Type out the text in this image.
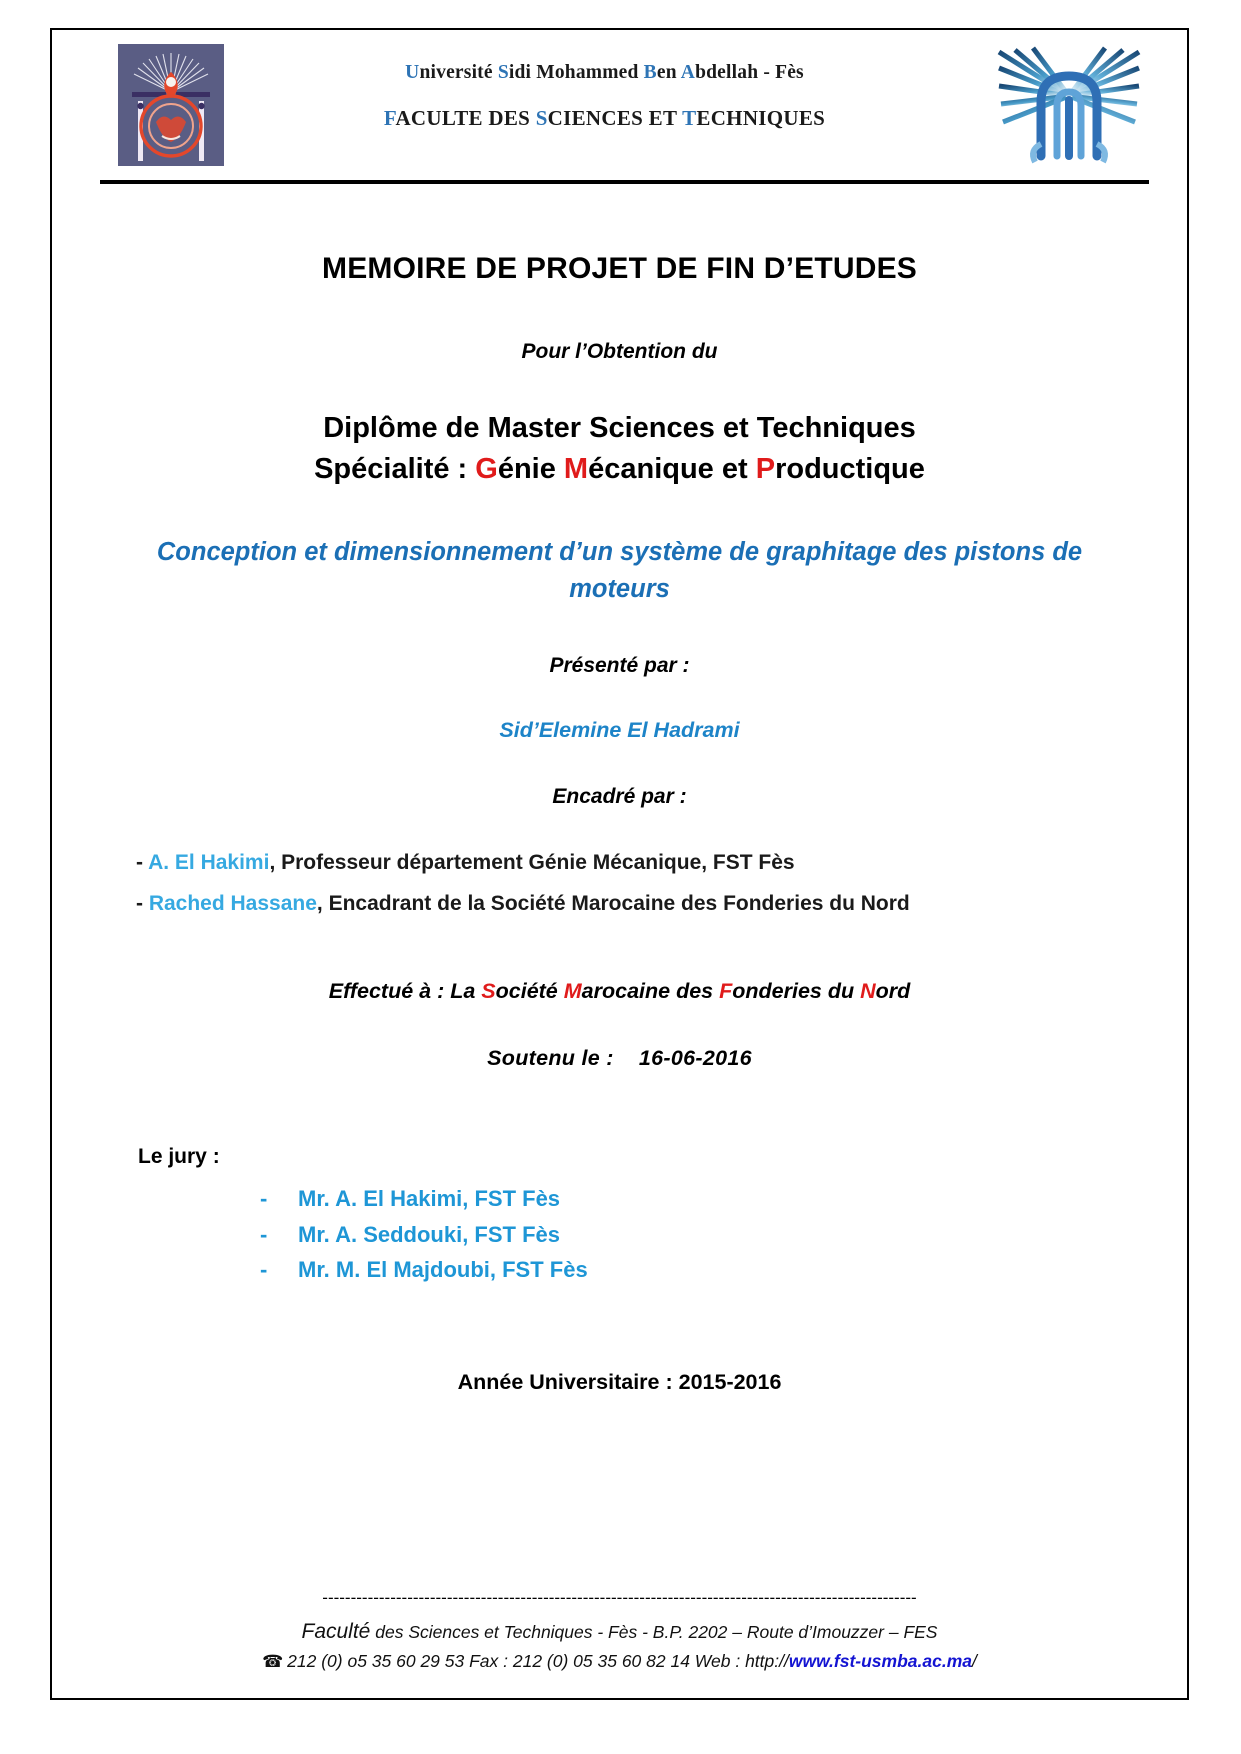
Université Sidi Mohammed Ben Abdellah - Fès
FACULTE DES SCIENCES ET TECHNIQUES
MEMOIRE DE PROJET DE FIN D’ETUDES
Pour l’Obtention du
Diplôme de Master Sciences et Techniques
Spécialité : Génie Mécanique et Productique
Conception et dimensionnement d’un système de graphitage des pistons de moteurs
Présenté par :
Sid’Elemine El Hadrami
Encadré par :
- A. El Hakimi, Professeur département Génie Mécanique, FST Fès
- Rached Hassane, Encadrant de la Société Marocaine des Fonderies du Nord
Effectué à : La Société Marocaine des Fonderies du Nord
Soutenu le : 16-06-2016
Le jury :
-	Mr. A. El Hakimi, FST Fès
-	Mr. A. Seddouki, FST Fès
-	Mr. M. El Majdoubi, FST Fès
Année Universitaire : 2015-2016
---------------------------------------------------------------------------------------------------------
Faculté des Sciences et Techniques - Fès - B.P. 2202 – Route d’Imouzzer – FES
☎ 212 (0) o5 35 60 29 53 Fax : 212 (0) 05 35 60 82 14 Web : http://www.fst-usmba.ac.ma/
